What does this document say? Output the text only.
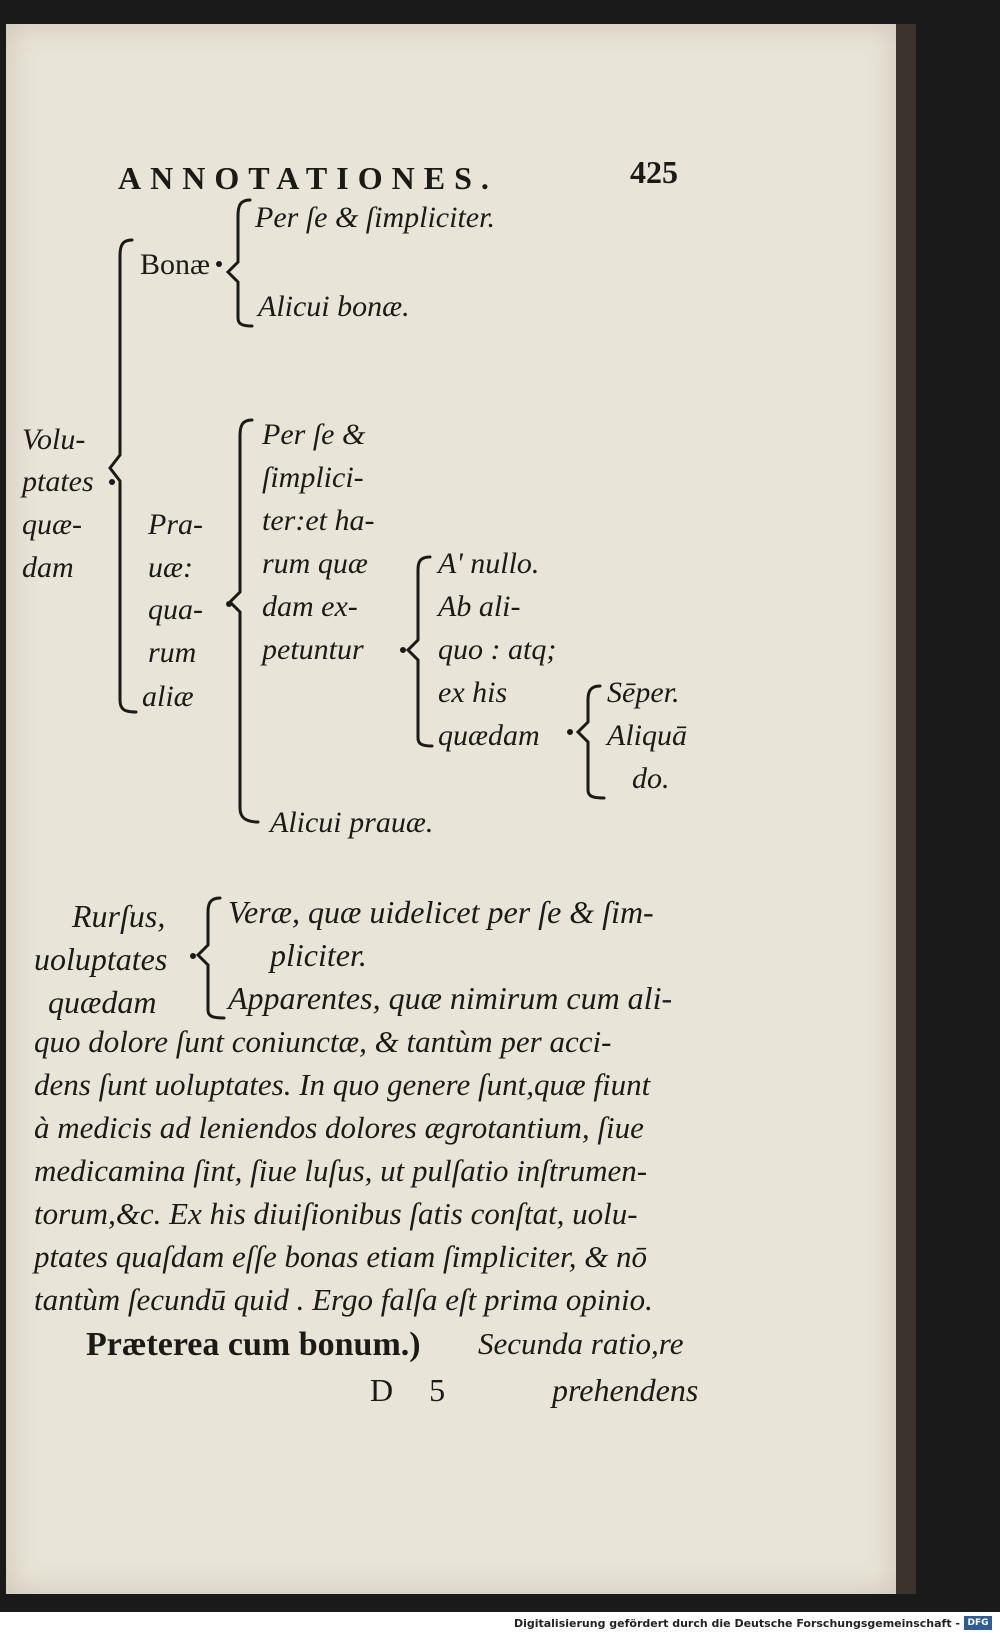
ANNOTATIONES.	425
Volu-
ptates
quæ-
dam
Bonæ
Per ſe & ſimpliciter.
Alicui bonæ.
Pra-
uæ:
qua-
rum
aliæ
Per ſe &
ſimplici-
ter:et ha-
rum quæ
dam ex-
petuntur
A' nullo.
Ab ali-
quo : atq;
ex his
quædam
Sēper.
Aliquā
do.
Alicui prauæ.
Rurſus,
uoluptates
quædam
Veræ, quæ uidelicet per ſe & ſim-
pliciter.
Apparentes, quæ nimirum cum ali-
quo dolore ſunt coniunctæ, & tantùm per acci-
dens ſunt uoluptates. In quo genere ſunt,quæ fiunt
à medicis ad leniendos dolores ægrotantium, ſiue
medicamina ſint, ſiue luſus, ut pulſatio inſtrumen-
torum,&c. Ex his diuiſionibus ſatis conſtat, uolu-
ptates quaſdam eſſe bonas etiam ſimpliciter, & nō
tantùm ſecundū quid . Ergo falſa eſt prima opinio.
Præterea cum bonum.) Secunda ratio,re
D 5	prehendens
Digitalisierung gefördert durch die Deutsche Forschungsgemeinschaft - DFG
